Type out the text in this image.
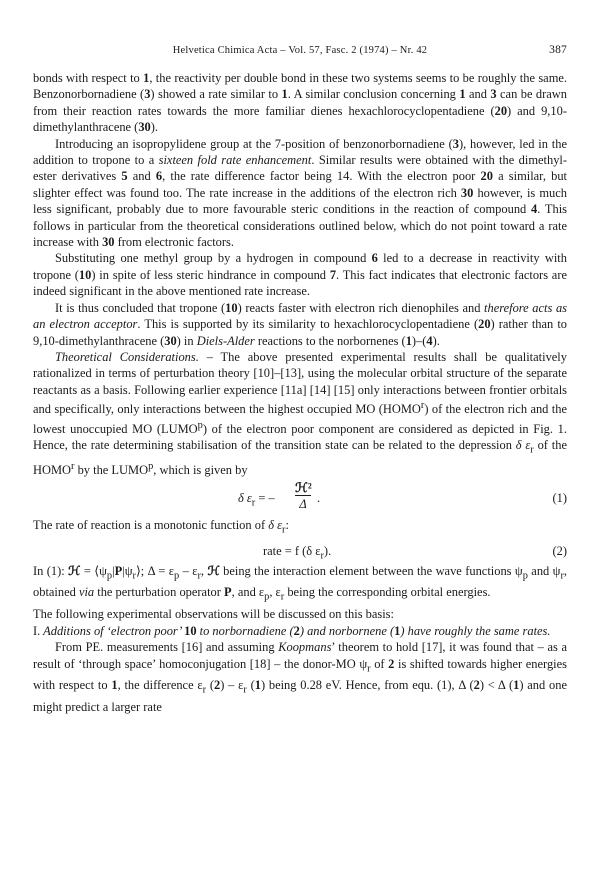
Helvetica Chimica Acta – Vol. 57, Fasc. 2 (1974) – Nr. 42	387

bonds with respect to 1, the reactivity per double bond in these two systems seems to be roughly the same. Benzonorbornadiene (3) showed a rate similar to 1. A similar conclusion concerning 1 and 3 can be drawn from their reaction rates towards the more familiar dienes hexachlorocyclopentadiene (20) and 9,10-dimethylanthracene (30).

Introducing an isopropylidene group at the 7-position of benzonorbornadiene (3), however, led in the addition to tropone to a sixteen fold rate enhancement. Similar results were obtained with the dimethyl-ester derivatives 5 and 6, the rate difference factor being 14. With the electron poor 20 a similar, but slighter effect was found too. The rate increase in the additions of the electron rich 30 however, is much less significant, probably due to more favourable steric conditions in the reaction of compound 4. This follows in particular from the theoretical considerations outlined below, which do not point toward a rate increase with 30 from electronic factors.

Substituting one methyl group by a hydrogen in compound 6 led to a decrease in reactivity with tropone (10) in spite of less steric hindrance in compound 7. This fact indicates that electronic factors are indeed significant in the above mentioned rate increase.

It is thus concluded that tropone (10) reacts faster with electron rich dienophiles and therefore acts as an electron acceptor. This is supported by its similarity to hexachlorocyclopentadiene (20) rather than to 9,10-dimethylanthracene (30) in Diels-Alder reactions to the norbornenes (1)–(4).

Theoretical Considerations. – The above presented experimental results shall be qualitatively rationalized in terms of perturbation theory [10]–[13], using the molecular orbital structure of the separate reactants as a basis. Following earlier experience [11a] [14] [15] only interactions between frontier orbitals and specifically, only interactions between the highest occupied MO (HOMO$^r$) of the electron rich and the lowest unoccupied MO (LUMO$^p$) of the electron poor component are considered as depicted in Fig. 1. Hence, the rate determining stabilisation of the transition state can be related to the depression δ $\varepsilon_r$ of the HOMO$^r$ by the LUMO$^p$, which is given by

δ $\varepsilon_r$ = –
ℋ²
Δ .	(1)

The rate of reaction is a monotonic function of δ $\varepsilon_r$:

rate = f (δ $\varepsilon_r$).	(2)

In (1): ℋ = $⟨\psi_p|P|\psi_r⟩$; $\Delta = \varepsilon_p - \varepsilon_r$, ℋ being the interaction element between the wave functions $\psi_p$ and $\psi_r$, obtained via the perturbation operator P, and $\varepsilon_p$, $\varepsilon_r$ being the corresponding orbital energies.

The following experimental observations will be discussed on this basis:

I. Additions of ‘electron poor’ 10 to norbornadiene (2) and norbornene (1) have roughly the same rates.

From PE. measurements [16] and assuming Koopmans’ theorem to hold [17], it was found that – as a result of ‘through space’ homoconjugation [18] – the donor-MO $\psi_r$ of 2 is shifted towards higher energies with respect to 1, the difference $\varepsilon_r$ $(2) - \varepsilon_r$ (1) being 0.28 eV. Hence, from equ. (1), Δ (2) < Δ (1) and one might predict a larger rate
